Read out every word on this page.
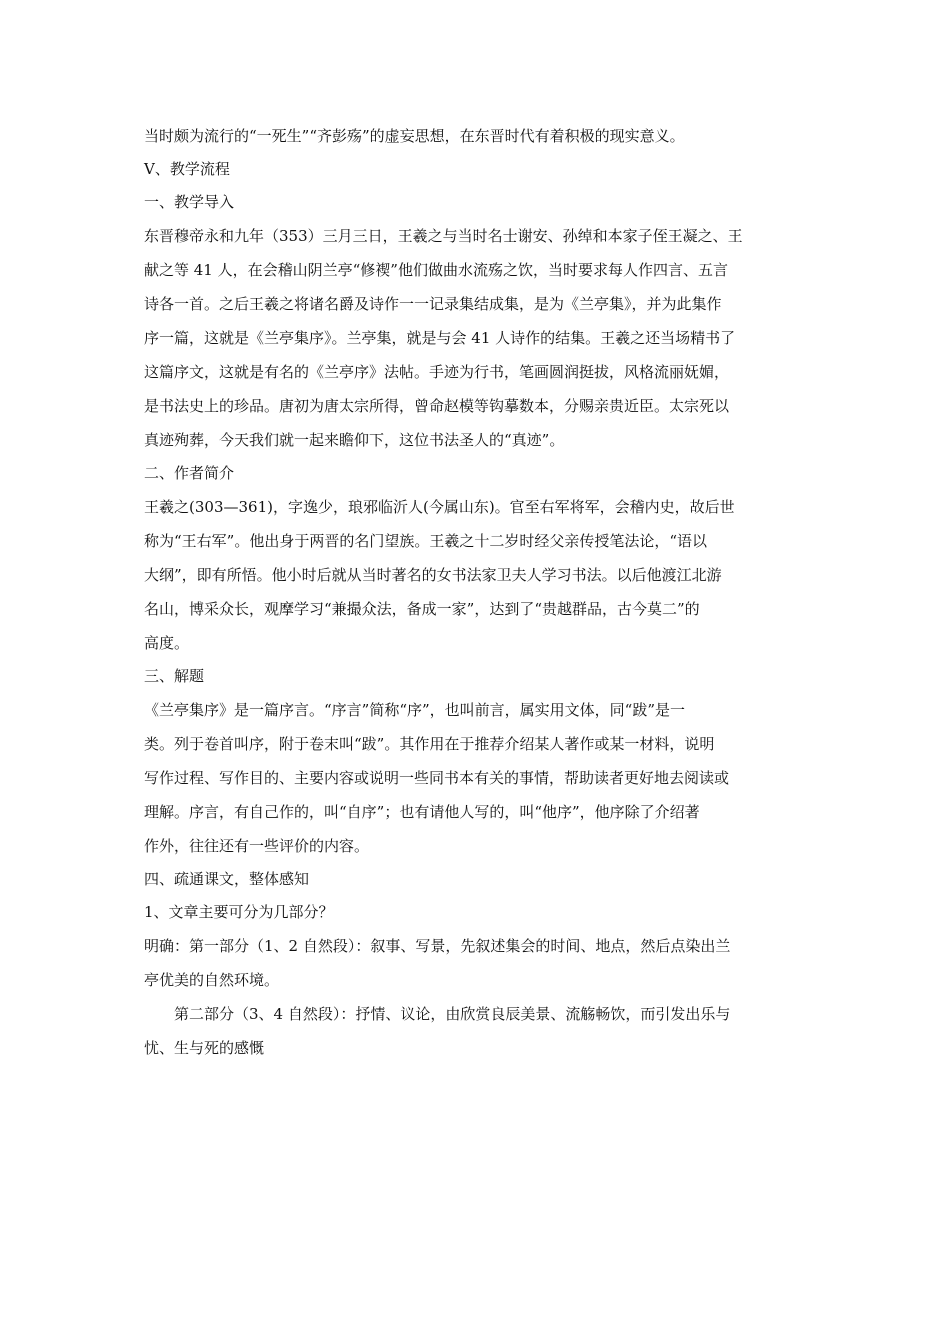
当时颇为流行的“一死生”“齐彭殇”的虚妄思想，在东晋时代有着积极的现实意义。
V、教学流程
一、教学导入
东晋穆帝永和九年（353）三月三日，王羲之与当时名士谢安、孙绰和本家子侄王凝之、王
献之等 41 人，在会稽山阴兰亭“修褉”他们做曲水流殇之饮，当时要求每人作四言、五言
诗各一首。之后王羲之将诸名爵及诗作一一记录集结成集，是为《兰亭集》，并为此集作
序一篇，这就是《兰亭集序》。兰亭集，就是与会 41 人诗作的结集。王羲之还当场精书了
这篇序文，这就是有名的《兰亭序》法帖。手迹为行书，笔画圆润挺拔，风格流丽妩媚，
是书法史上的珍品。唐初为唐太宗所得，曾命赵模等钩摹数本，分赐亲贵近臣。太宗死以
真迹殉葬，今天我们就一起来瞻仰下，这位书法圣人的“真迹”。
二、作者简介
王羲之(303—361)，字逸少，琅邪临沂人(今属山东)。官至右军将军，会稽内史，故后世
称为“王右军”。他出身于两晋的名门望族。王羲之十二岁时经父亲传授笔法论，“语以
大纲”，即有所悟。他小时后就从当时著名的女书法家卫夫人学习书法。以后他渡江北游
名山，博采众长，观摩学习“兼撮众法，备成一家”，达到了“贵越群品，古今莫二”的
高度。
三、解题
《兰亭集序》是一篇序言。“序言”简称“序”，也叫前言，属实用文体，同“跋”是一
类。列于卷首叫序，附于卷末叫“跋”。其作用在于推荐介绍某人著作或某一材料，说明
写作过程、写作目的、主要内容或说明一些同书本有关的事情，帮助读者更好地去阅读或
理解。序言，有自己作的，叫“自序”；也有请他人写的，叫“他序”，他序除了介绍著
作外，往往还有一些评价的内容。
四、疏通课文，整体感知
1、文章主要可分为几部分？
明确：第一部分（1、2 自然段）：叙事、写景，先叙述集会的时间、地点，然后点染出兰
亭优美的自然环境。
第二部分（3、4 自然段）：抒情、议论，由欣赏良辰美景、流觞畅饮，而引发出乐与
忧、生与死的感慨
